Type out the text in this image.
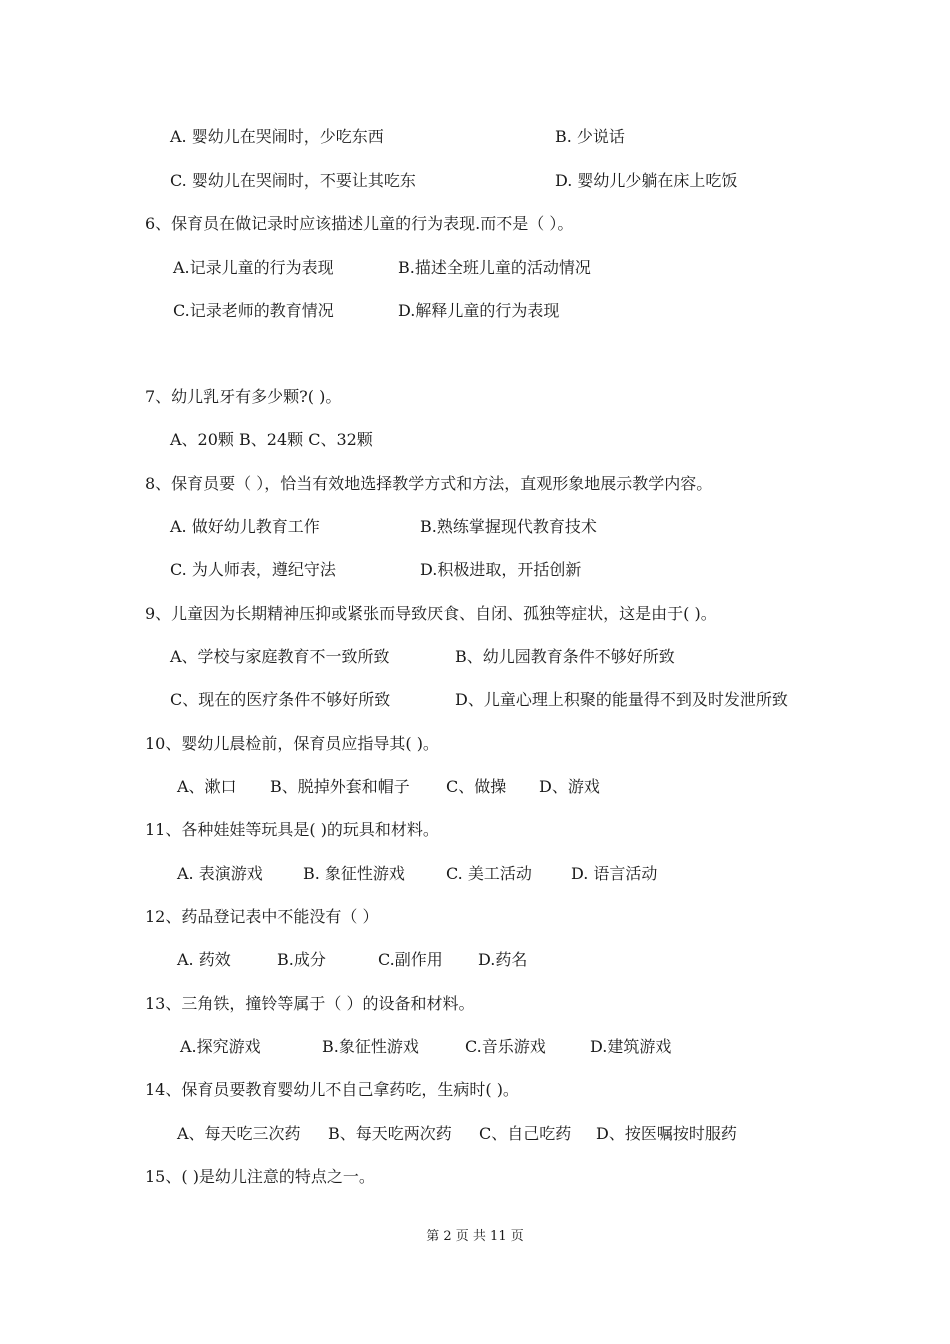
A. 婴幼儿在哭闹时，少吃东西	B. 少说话
C. 婴幼儿在哭闹时，不要让其吃东	D. 婴幼儿少躺在床上吃饭
6、保育员在做记录时应该描述儿童的行为表现.而不是（ ）。
A.记录儿童的行为表现	B.描述全班儿童的活动情况
C.记录老师的教育情况	D.解释儿童的行为表现
7、幼儿乳牙有多少颗?( )。
A、20颗 B、24颗 C、32颗
8、保育员要（ ），恰当有效地选择教学方式和方法，直观形象地展示教学内容。
A. 做好幼儿教育工作	B.熟练掌握现代教育技术
C. 为人师表，遵纪守法	D.积极进取，开括创新
9、儿童因为长期精神压抑或紧张而导致厌食、自闭、孤独等症状，这是由于( )。
A、学校与家庭教育不一致所致	B、幼儿园教育条件不够好所致
C、现在的医疗条件不够好所致	D、儿童心理上积聚的能量得不到及时发泄所致
10、婴幼儿晨检前，保育员应指导其( )。
A、漱口 B、脱掉外套和帽子 C、做操 D、游戏
11、各种娃娃等玩具是( )的玩具和材料。
A. 表演游戏	B. 象征性游戏	C. 美工活动 D. 语言活动
12、药品登记表中不能没有（ ）
A. 药效	B.成分	C.副作用 D.药名
13、三角铁，撞铃等属于（ ）的设备和材料。
A.探究游戏	B.象征性游戏	C.音乐游戏	D.建筑游戏
14、保育员要教育婴幼儿不自己拿药吃，生病时( )。
A、每天吃三次药 B、每天吃两次药 C、自己吃药 D、按医嘱按时服药
15、( )是幼儿注意的特点之一。
第 2 页 共 11 页
